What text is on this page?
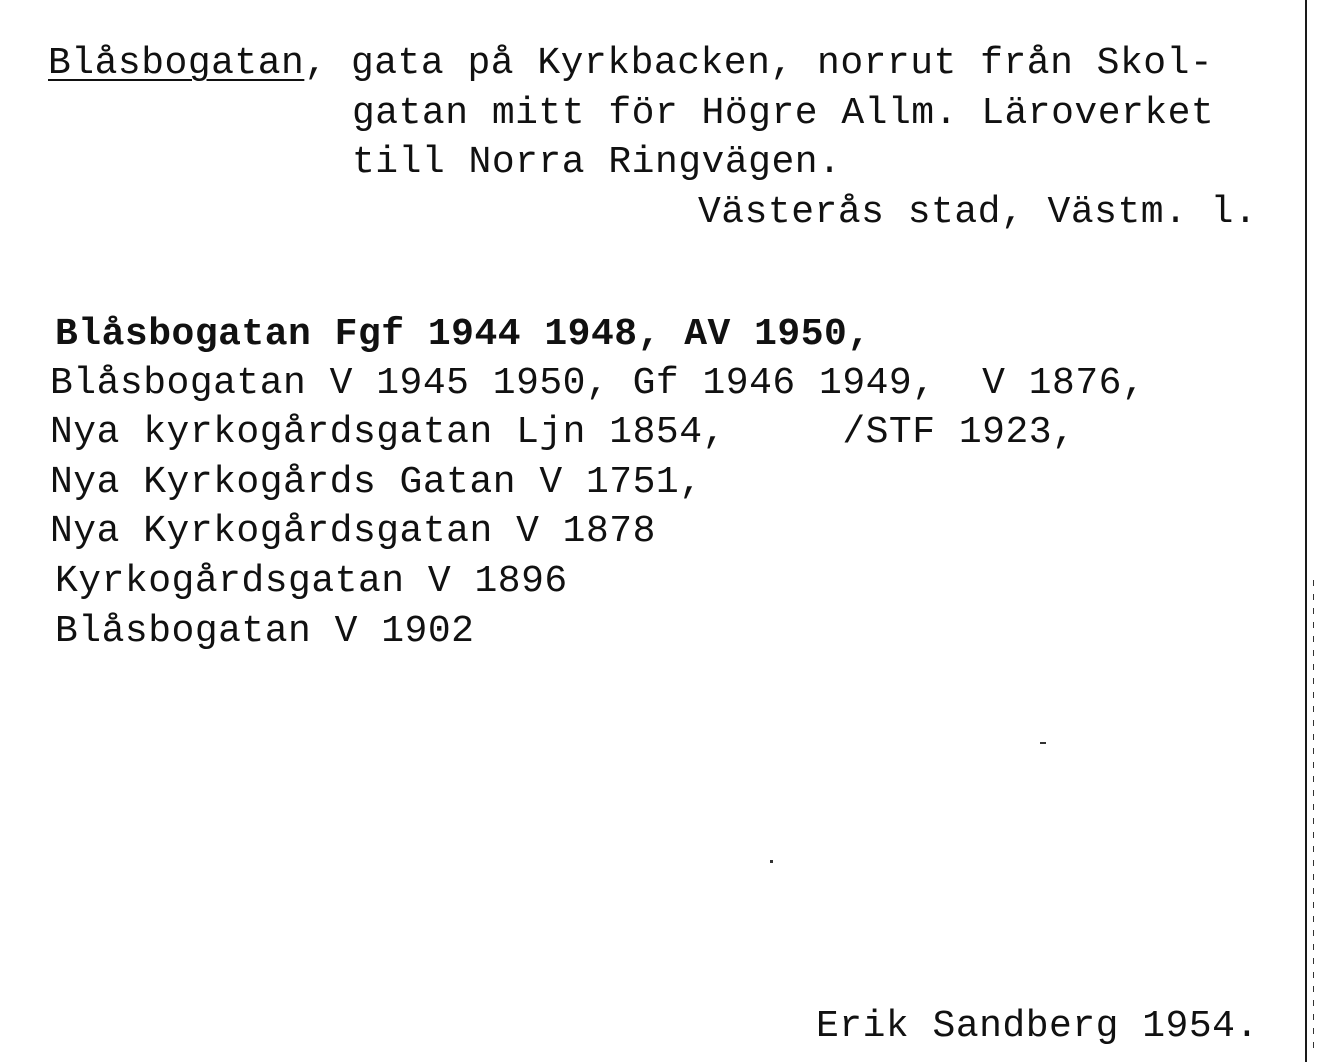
Blåsbogatan, gata på Kyrkbacken, norrut från Skol-
gatan mitt för Högre Allm. Läroverket
till Norra Ringvägen.
Västerås stad, Västm. l.
Blåsbogatan Fgf 1944 1948, AV 1950,
Blåsbogatan V 1945 1950, Gf 1946 1949,  V 1876,
Nya kyrkogårdsgatan Ljn 1854,     /STF 1923,
Nya Kyrkogårds Gatan V 1751,
Nya Kyrkogårdsgatan V 1878
Kyrkogårdsgatan V 1896
Blåsbogatan V 1902
Erik Sandberg 1954.
